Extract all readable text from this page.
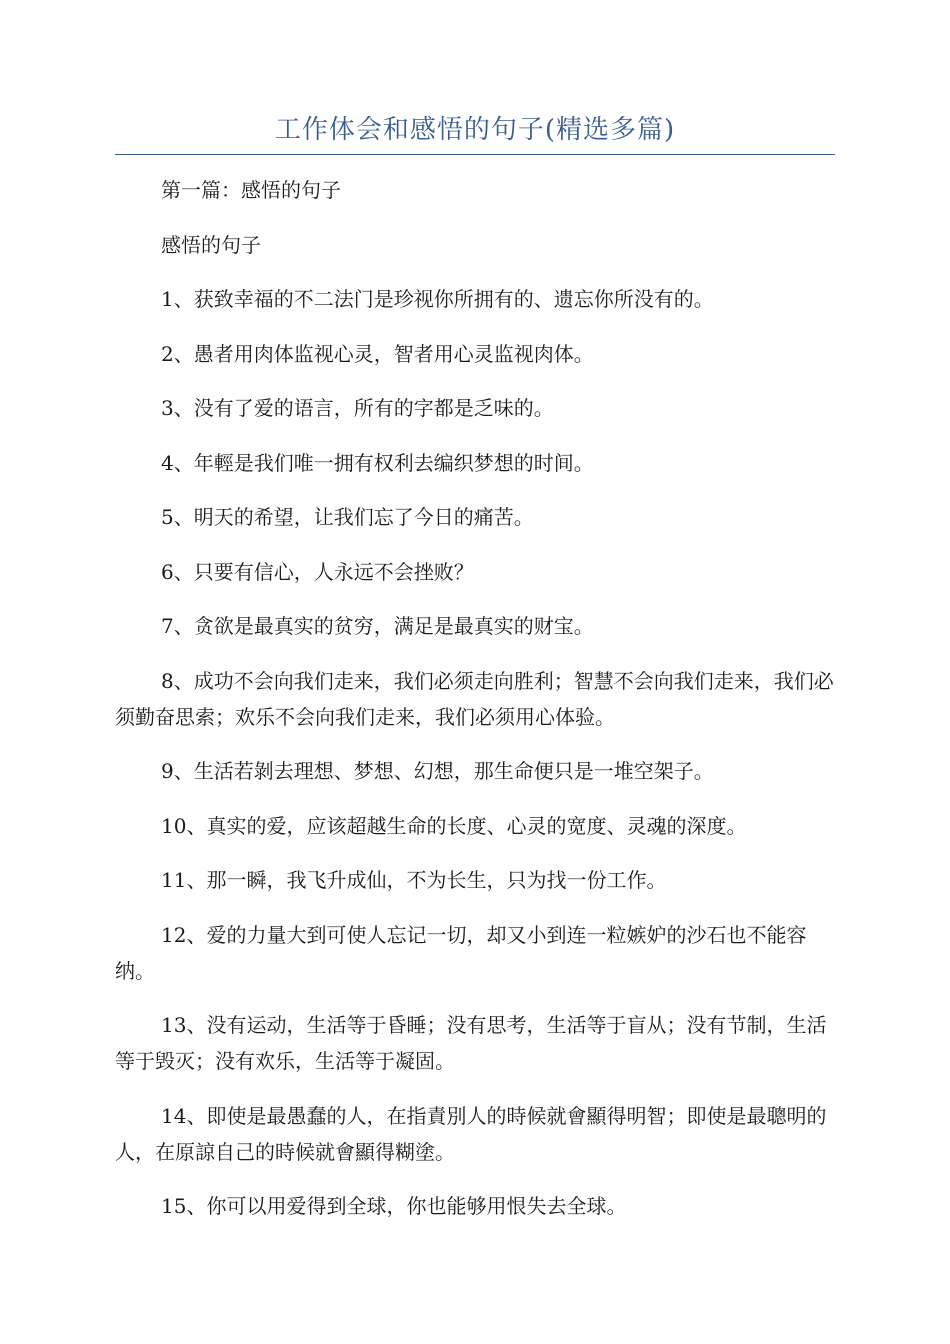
工作体会和感悟的句子(精选多篇)

第一篇：感悟的句子

感悟的句子

1、获致幸福的不二法门是珍视你所拥有的、遗忘你所没有的。

2、愚者用肉体监视心灵，智者用心灵监视肉体。

3、没有了爱的语言，所有的字都是乏味的。

4、年輕是我们唯一拥有权利去编织梦想的时间。

5、明天的希望，让我们忘了今日的痛苦。

6、只要有信心，人永远不会挫败？

7、贪欲是最真实的贫穷，满足是最真实的财宝。

8、成功不会向我们走来，我们必须走向胜利；智慧不会向我们走来，我们必须勤奋思索；欢乐不会向我们走来，我们必须用心体验。

9、生活若剝去理想、梦想、幻想，那生命便只是一堆空架子。

10、真实的爱，应该超越生命的长度、心灵的宽度、灵魂的深度。

11、那一瞬，我飞升成仙，不为长生，只为找一份工作。

12、爱的力量大到可使人忘记一切，却又小到连一粒嫉妒的沙石也不能容纳。

13、没有运动，生活等于昏睡；没有思考，生活等于盲从；没有节制，生活等于毁灭；没有欢乐，生活等于凝固。

14、即使是最愚蠢的人，在指責別人的時候就會顯得明智；即使是最聰明的人，在原諒自己的時候就會顯得糊塗。

15、你可以用爱得到全球，你也能够用恨失去全球。
